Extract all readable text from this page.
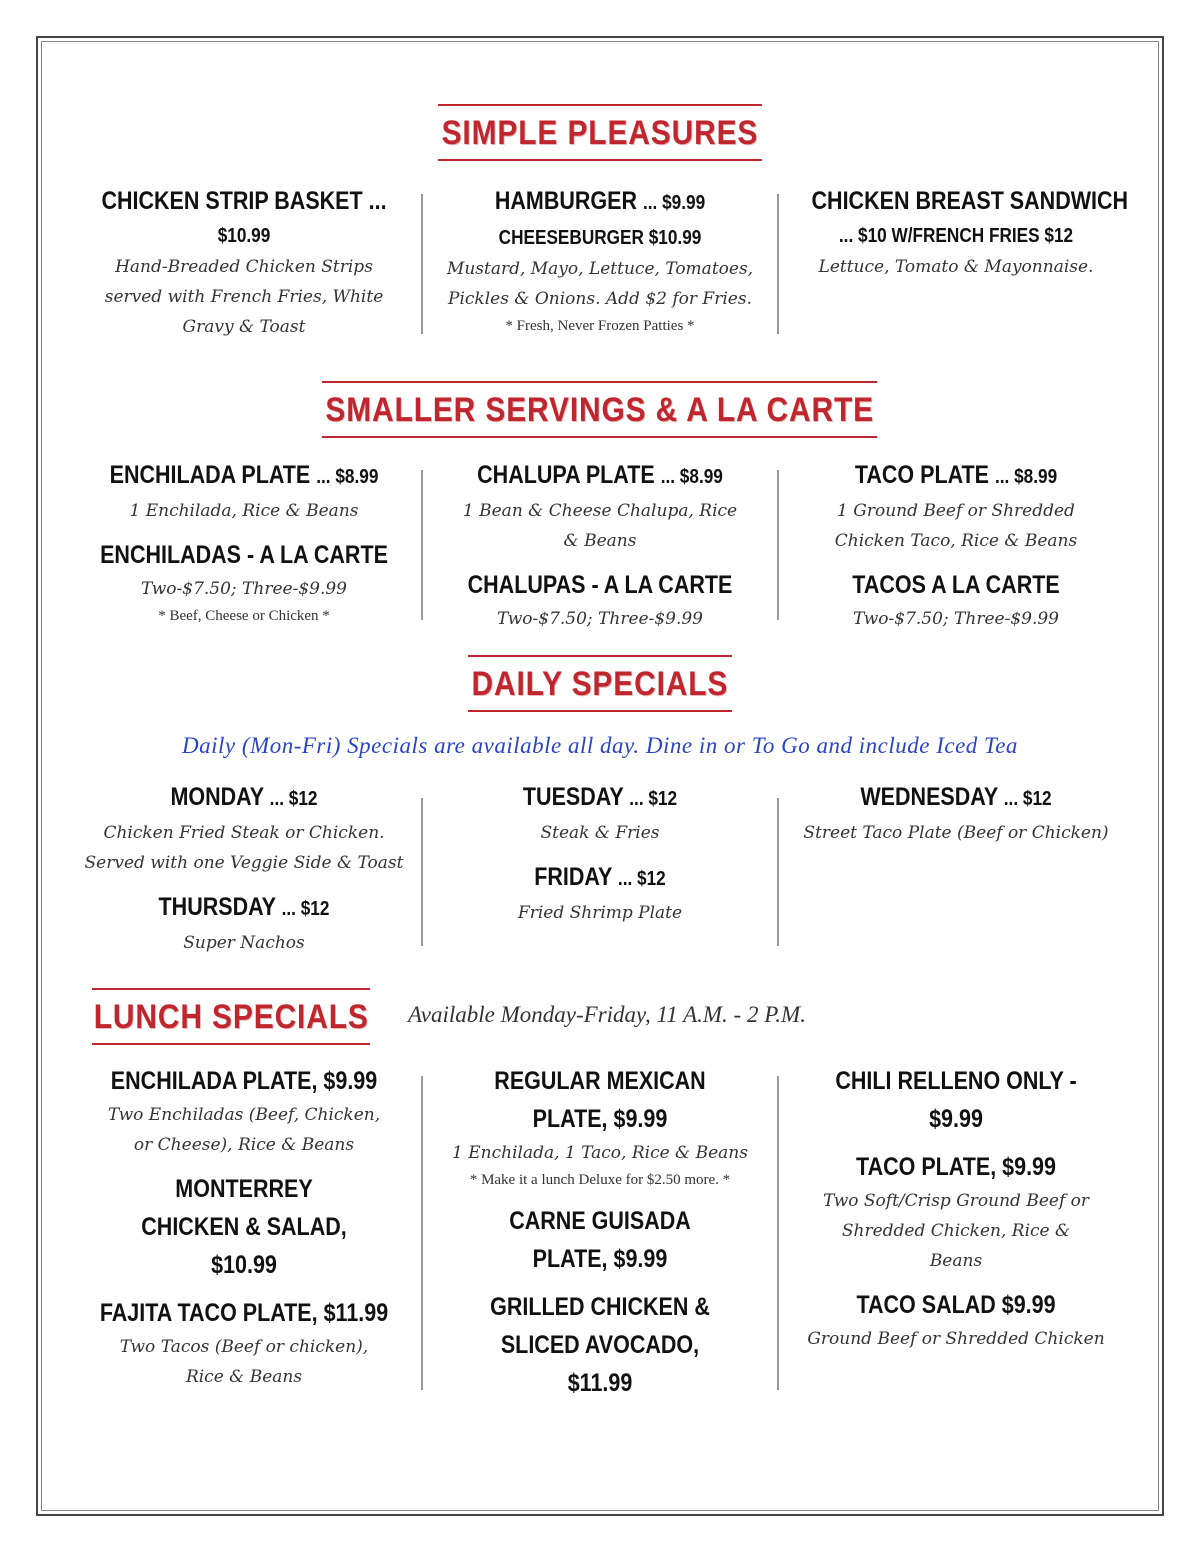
SIMPLE PLEASURES
CHICKEN STRIP BASKET ...
$10.99
Hand-Breaded Chicken Strips served with French Fries, White Gravy & Toast
HAMBURGER ... $9.99
CHEESEBURGER $10.99
Mustard, Mayo, Lettuce, Tomatoes, Pickles & Onions. Add $2 for Fries.
* Fresh, Never Frozen Patties *
CHICKEN BREAST SANDWICH
... $10 W/FRENCH FRIES $12
Lettuce, Tomato & Mayonnaise.
SMALLER SERVINGS & A LA CARTE
ENCHILADA PLATE ... $8.99
1 Enchilada, Rice & Beans
ENCHILADAS - A LA CARTE
Two-$7.50; Three-$9.99
* Beef, Cheese or Chicken *
CHALUPA PLATE ... $8.99
1 Bean & Cheese Chalupa, Rice & Beans
CHALUPAS - A LA CARTE
Two-$7.50; Three-$9.99
TACO PLATE ... $8.99
1 Ground Beef or Shredded Chicken Taco, Rice & Beans
TACOS A LA CARTE
Two-$7.50; Three-$9.99
DAILY SPECIALS
Daily (Mon-Fri) Specials are available all day. Dine in or To Go and include Iced Tea
MONDAY ... $12
Chicken Fried Steak or Chicken. Served with one Veggie Side & Toast
THURSDAY ... $12
Super Nachos
TUESDAY ... $12
Steak & Fries
FRIDAY ... $12
Fried Shrimp Plate
WEDNESDAY ... $12
Street Taco Plate (Beef or Chicken)
LUNCH SPECIALS	Available Monday-Friday, 11 A.M. - 2 P.M.
ENCHILADA PLATE, $9.99
Two Enchiladas (Beef, Chicken, or Cheese), Rice & Beans
MONTERREY CHICKEN & SALAD, $10.99
FAJITA TACO PLATE, $11.99
Two Tacos (Beef or chicken), Rice & Beans
REGULAR MEXICAN PLATE, $9.99
1 Enchilada, 1 Taco, Rice & Beans
* Make it a lunch Deluxe for $2.50 more. *
CARNE GUISADA PLATE, $9.99
GRILLED CHICKEN & SLICED AVOCADO, $11.99
CHILI RELLENO ONLY - $9.99
TACO PLATE, $9.99
Two Soft/Crisp Ground Beef or Shredded Chicken, Rice & Beans
TACO SALAD $9.99
Ground Beef or Shredded Chicken
